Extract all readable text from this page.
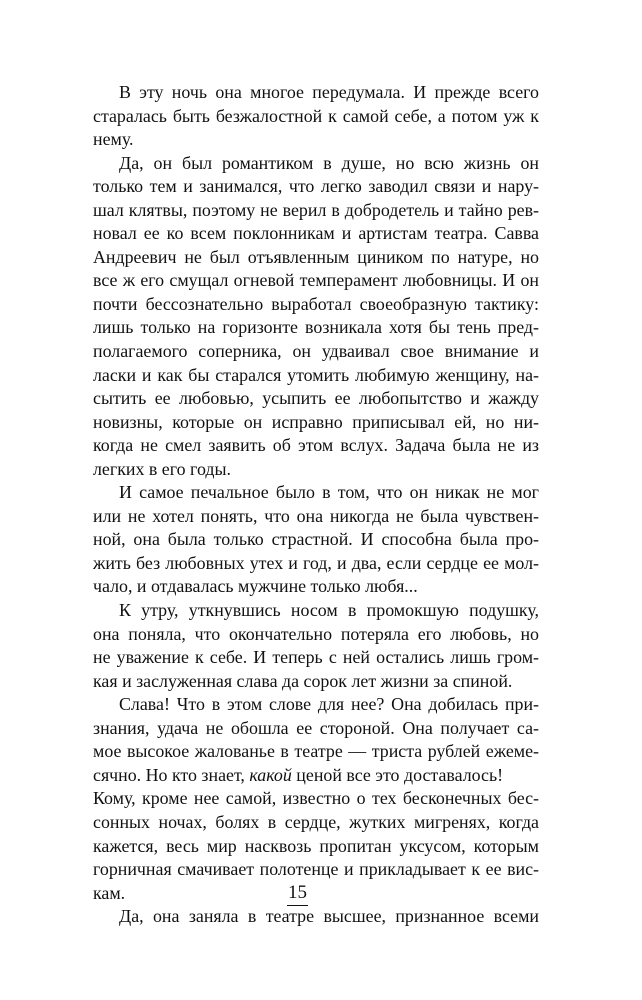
В эту ночь она многое передумала. И прежде всего
старалась быть безжалостной к самой себе, а потом уж к
нему.
Да, он был романтиком в душе, но всю жизнь он
только тем и занимался, что легко заводил связи и нару-
шал клятвы, поэтому не верил в добродетель и тайно рев-
новал ее ко всем поклонникам и артистам театра. Савва
Андреевич не был отъявленным циником по натуре, но
все ж его смущал огневой темперамент любовницы. И он
почти бессознательно выработал своеобразную тактику:
лишь только на горизонте возникала хотя бы тень пред-
полагаемого соперника, он удваивал свое внимание и
ласки и как бы старался утомить любимую женщину, на-
сытить ее любовью, усыпить ее любопытство и жажду
новизны, которые он исправно приписывал ей, но ни-
когда не смел заявить об этом вслух. Задача была не из
легких в его годы.
И самое печальное было в том, что он никак не мог
или не хотел понять, что она никогда не была чувствен-
ной, она была только страстной. И способна была про-
жить без любовных утех и год, и два, если сердце ее мол-
чало, и отдавалась мужчине только любя...
К утру, уткнувшись носом в промокшую подушку,
она поняла, что окончательно потеряла его любовь, но
не уважение к себе. И теперь с ней остались лишь гром-
кая и заслуженная слава да сорок лет жизни за спиной.
Слава! Что в этом слове для нее? Она добилась при-
знания, удача не обошла ее стороной. Она получает са-
мое высокое жалованье в театре — триста рублей ежеме-
сячно. Но кто знает, какой ценой все это доставалось!
Кому, кроме нее самой, известно о тех бесконечных бес-
сонных ночах, болях в сердце, жутких мигренях, когда
кажется, весь мир насквозь пропитан уксусом, которым
горничная смачивает полотенце и прикладывает к ее вис-
кам.
Да, она заняла в театре высшее, признанное всеми
15
